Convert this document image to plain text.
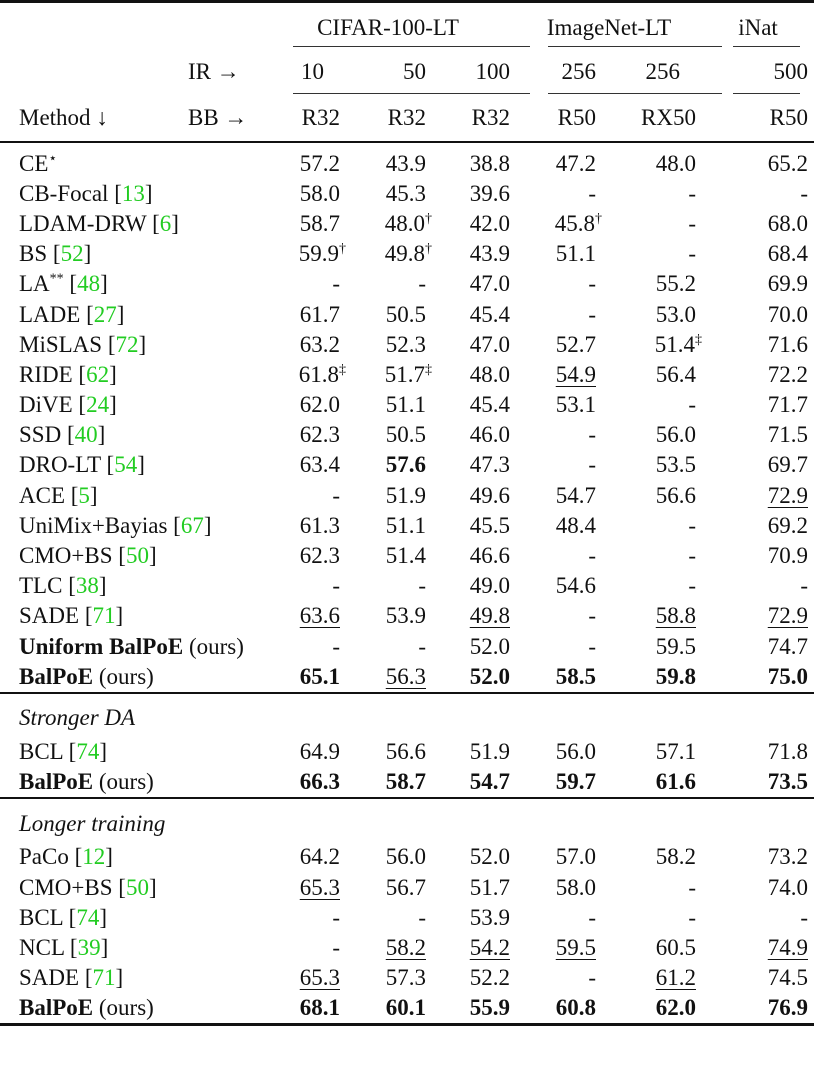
		CIFAR-100-LT			ImageNet-LT		iNat
	IR →	10	50	100	256	256	500
Method ↓	BB →	R32	R32	R32	R50	RX50	R50
CE⋆		57.2	43.9	38.8	47.2	48.0	65.2
CB-Focal [13]		58.0	45.3	39.6	-	-	-
LDAM-DRW [6]		58.7	48.0†	42.0	45.8†	-	68.0
BS [52]		59.9†	49.8†	43.9	51.1	-	68.4
LA** [48]		-	-	47.0	-	55.2	69.9
LADE [27]		61.7	50.5	45.4	-	53.0	70.0
MiSLAS [72]		63.2	52.3	47.0	52.7	51.4‡	71.6
RIDE [62]		61.8‡	51.7‡	48.0	54.9	56.4	72.2
DiVE [24]		62.0	51.1	45.4	53.1	-	71.7
SSD [40]		62.3	50.5	46.0	-	56.0	71.5
DRO-LT [54]		63.4	57.6	47.3	-	53.5	69.7
ACE [5]		-	51.9	49.6	54.7	56.6	72.9
UniMix+Bayias [67]		61.3	51.1	45.5	48.4	-	69.2
CMO+BS [50]		62.3	51.4	46.6	-	-	70.9
TLC [38]		-	-	49.0	54.6	-	-
SADE [71]		63.6	53.9	49.8	-	58.8	72.9
Uniform BalPoE (ours)		-	-	52.0	-	59.5	74.7
BalPoE (ours)		65.1	56.3	52.0	58.5	59.8	75.0
Stronger DA							
BCL [74]		64.9	56.6	51.9	56.0	57.1	71.8
BalPoE (ours)		66.3	58.7	54.7	59.7	61.6	73.5
Longer training							
PaCo [12]		64.2	56.0	52.0	57.0	58.2	73.2
CMO+BS [50]		65.3	56.7	51.7	58.0	-	74.0
BCL [74]		-	-	53.9	-	-	-
NCL [39]		-	58.2	54.2	59.5	60.5	74.9
SADE [71]		65.3	57.3	52.2	-	61.2	74.5
BalPoE (ours)		68.1	60.1	55.9	60.8	62.0	76.9
